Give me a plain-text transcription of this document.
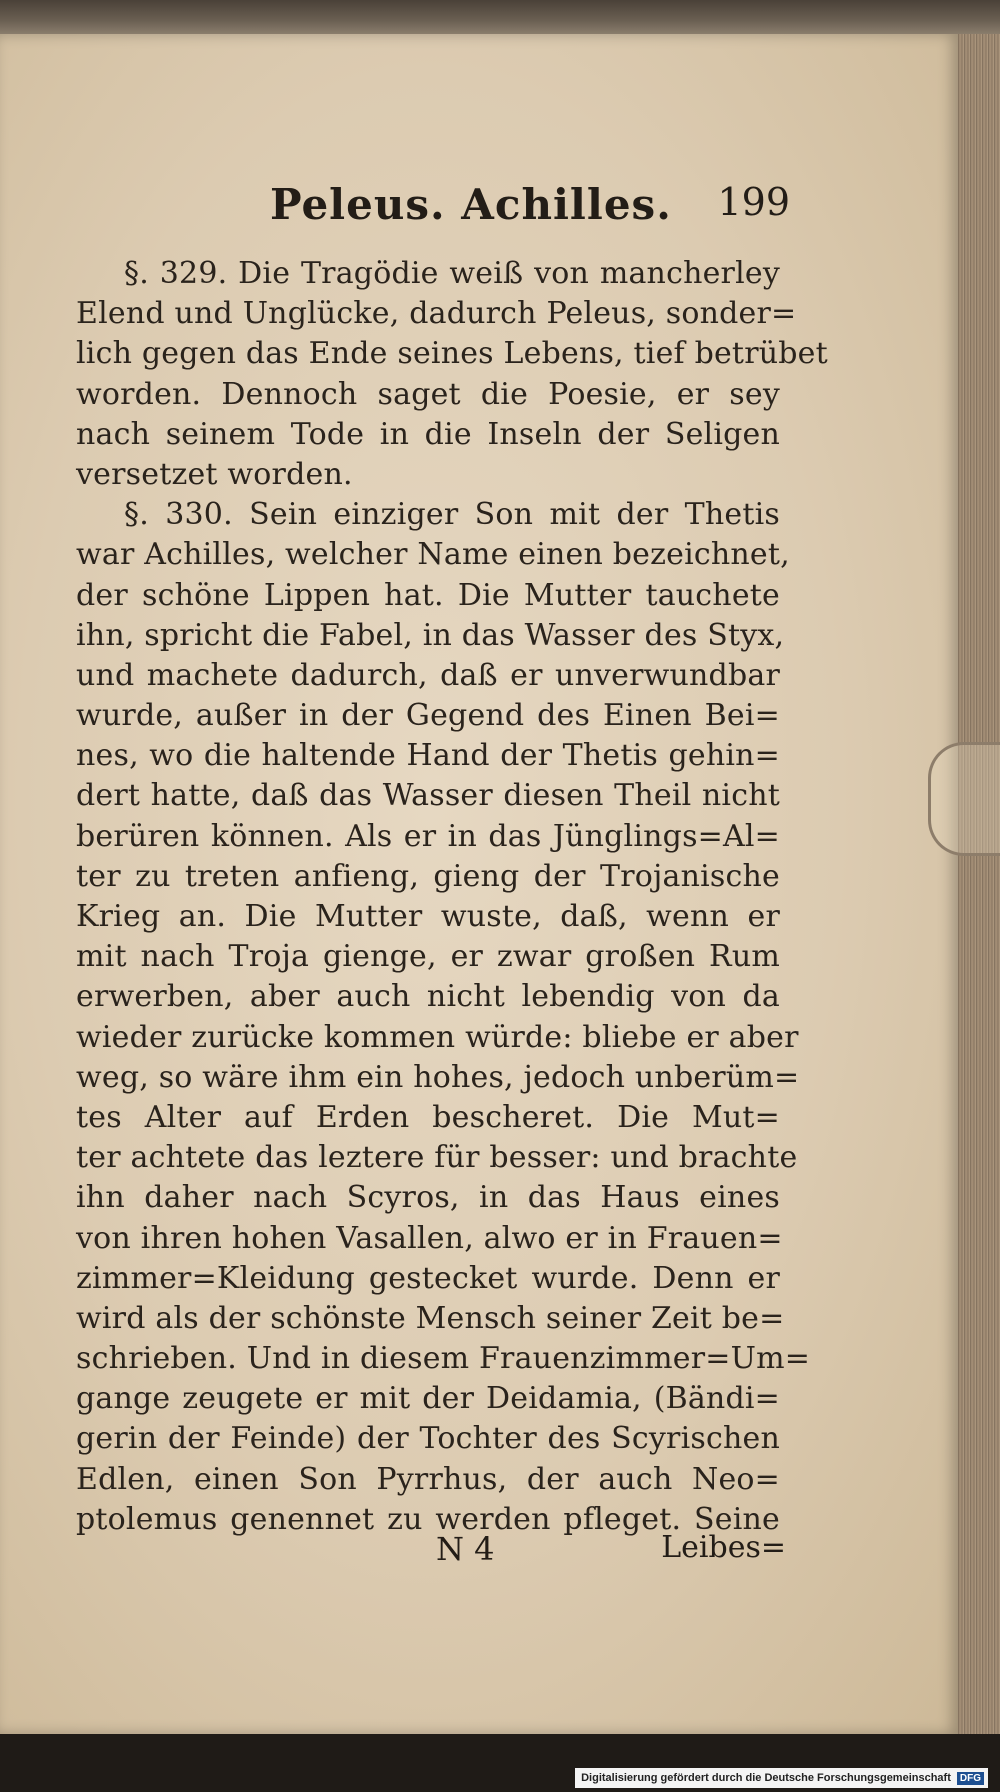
Peleus. Achilles. 199
§. 329. Die Tragödie weiß von mancherley
Elend und Unglücke, dadurch Peleus, sonder=
lich gegen das Ende seines Lebens, tief betrübet
worden. Dennoch saget die Poesie, er sey
nach seinem Tode in die Inseln der Seligen
versetzet worden.
§. 330. Sein einziger Son mit der Thetis
war Achilles, welcher Name einen bezeichnet,
der schöne Lippen hat. Die Mutter tauchete
ihn, spricht die Fabel, in das Wasser des Styx,
und machete dadurch, daß er unverwundbar
wurde, außer in der Gegend des Einen Bei=
nes, wo die haltende Hand der Thetis gehin=
dert hatte, daß das Wasser diesen Theil nicht
berüren können. Als er in das Jünglings=Al=
ter zu treten anfieng, gieng der Trojanische
Krieg an. Die Mutter wuste, daß, wenn er
mit nach Troja gienge, er zwar großen Rum
erwerben, aber auch nicht lebendig von da
wieder zurücke kommen würde: bliebe er aber
weg, so wäre ihm ein hohes, jedoch unberüm=
tes Alter auf Erden bescheret. Die Mut=
ter achtete das leztere für besser: und brachte
ihn daher nach Scyros, in das Haus eines
von ihren hohen Vasallen, alwo er in Frauen=
zimmer=Kleidung gestecket wurde. Denn er
wird als der schönste Mensch seiner Zeit be=
schrieben. Und in diesem Frauenzimmer=Um=
gange zeugete er mit der Deidamia, (Bändi=
gerin der Feinde) der Tochter des Scyrischen
Edlen, einen Son Pyrrhus, der auch Neo=
ptolemus genennet zu werden pfleget. Seine
N 4	Leibes=
Digitalisierung gefördert durch die Deutsche Forschungsgemeinschaft DFG
